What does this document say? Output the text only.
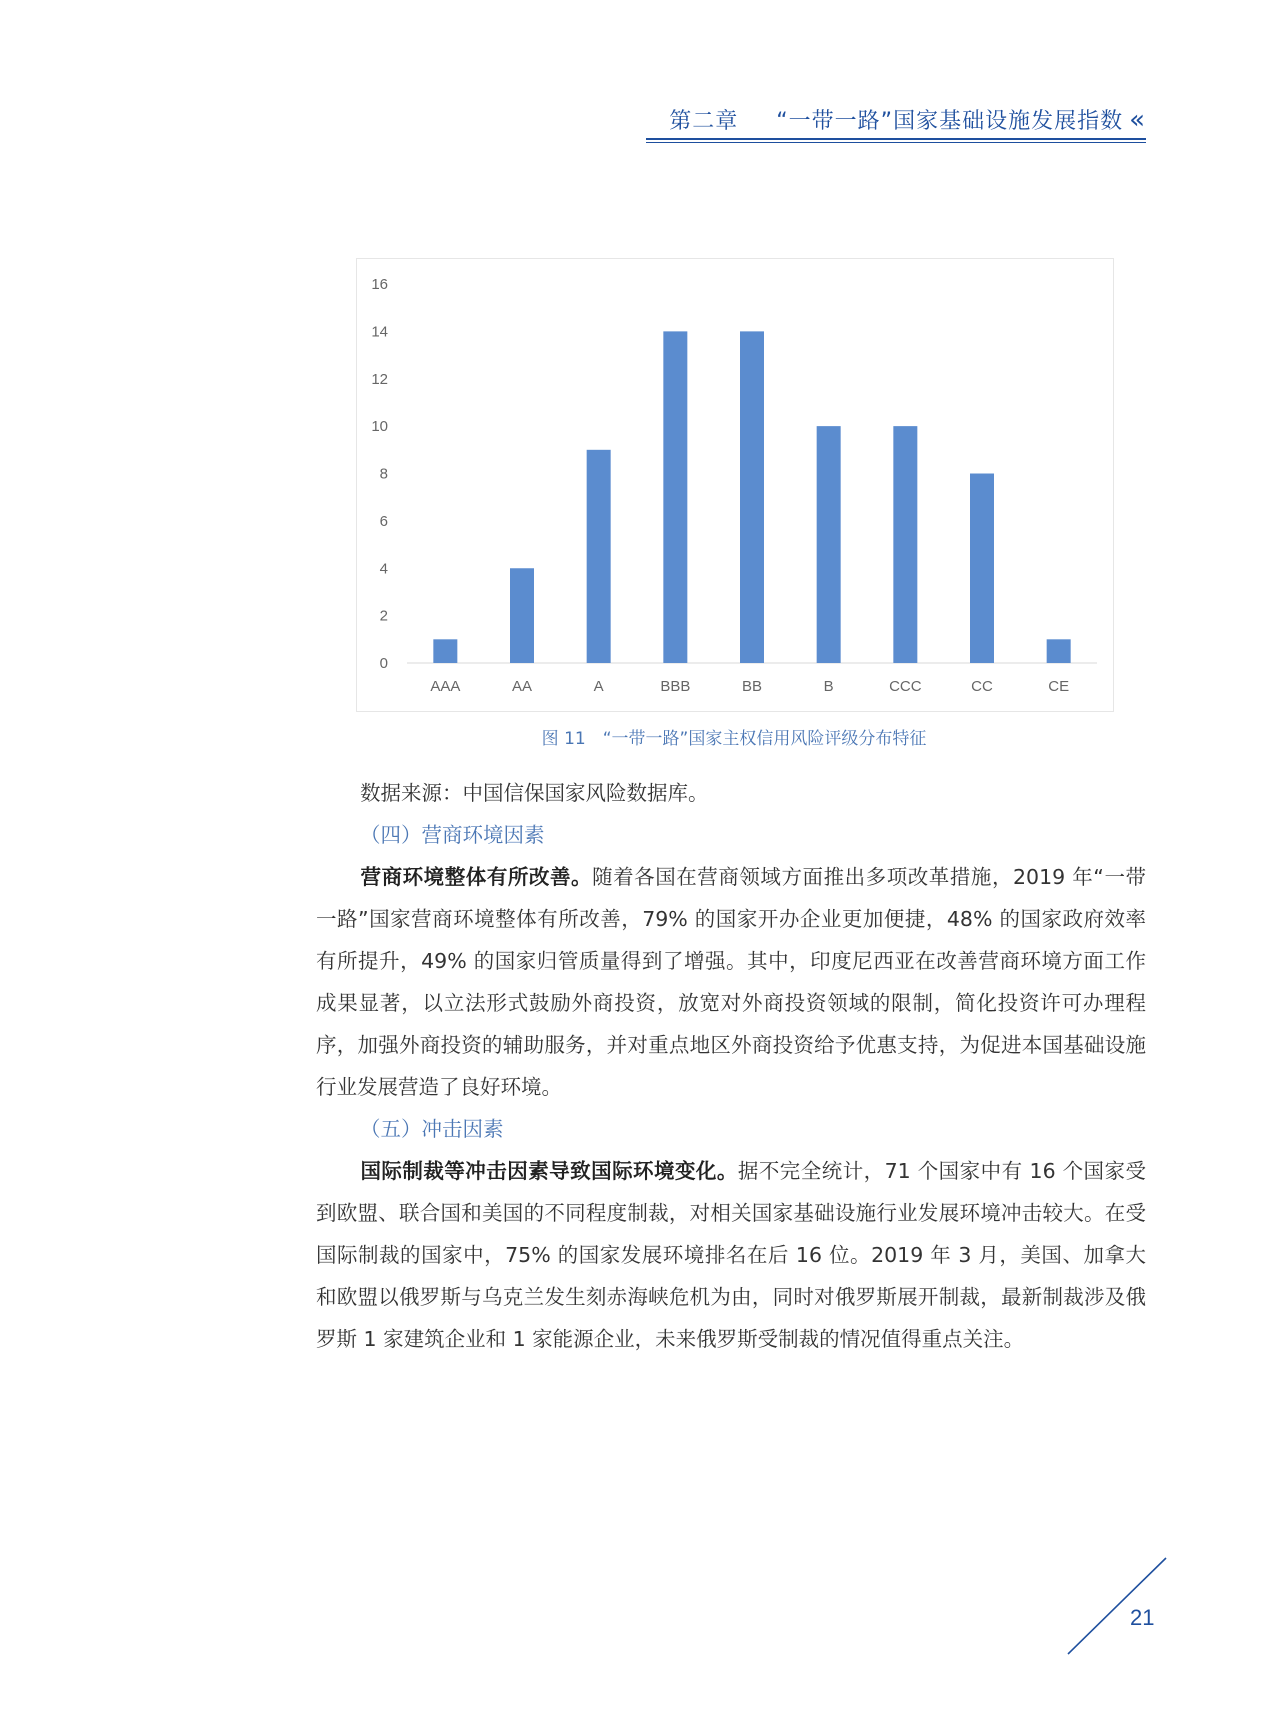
第二章 “一带一路”国家基础设施发展指数 «
0
2
4
6
8
10
12
14
16
AAA	AA	A	BBB	BB	B	CCC	CC	CE
图 11　“一带一路”国家主权信用风险评级分布特征
数据来源：中国信保国家风险数据库。
（四）营商环境因素
营商环境整体有所改善。随着各国在营商领域方面推出多项改革措施，2019 年“一带一路”国家营商环境整体有所改善，79% 的国家开办企业更加便捷，48% 的国家政府效率有所提升，49% 的国家归管质量得到了增强。其中，印度尼西亚在改善营商环境方面工作成果显著，以立法形式鼓励外商投资，放宽对外商投资领域的限制，简化投资许可办理程序，加强外商投资的辅助服务，并对重点地区外商投资给予优惠支持，为促进本国基础设施行业发展营造了良好环境。
（五）冲击因素
国际制裁等冲击因素导致国际环境变化。据不完全统计，71 个国家中有 16 个国家受到欧盟、联合国和美国的不同程度制裁，对相关国家基础设施行业发展环境冲击较大。在受国际制裁的国家中，75% 的国家发展环境排名在后 16 位。2019 年 3 月，美国、加拿大和欧盟以俄罗斯与乌克兰发生刻赤海峡危机为由，同时对俄罗斯展开制裁，最新制裁涉及俄罗斯 1 家建筑企业和 1 家能源企业，未来俄罗斯受制裁的情况值得重点关注。
21
